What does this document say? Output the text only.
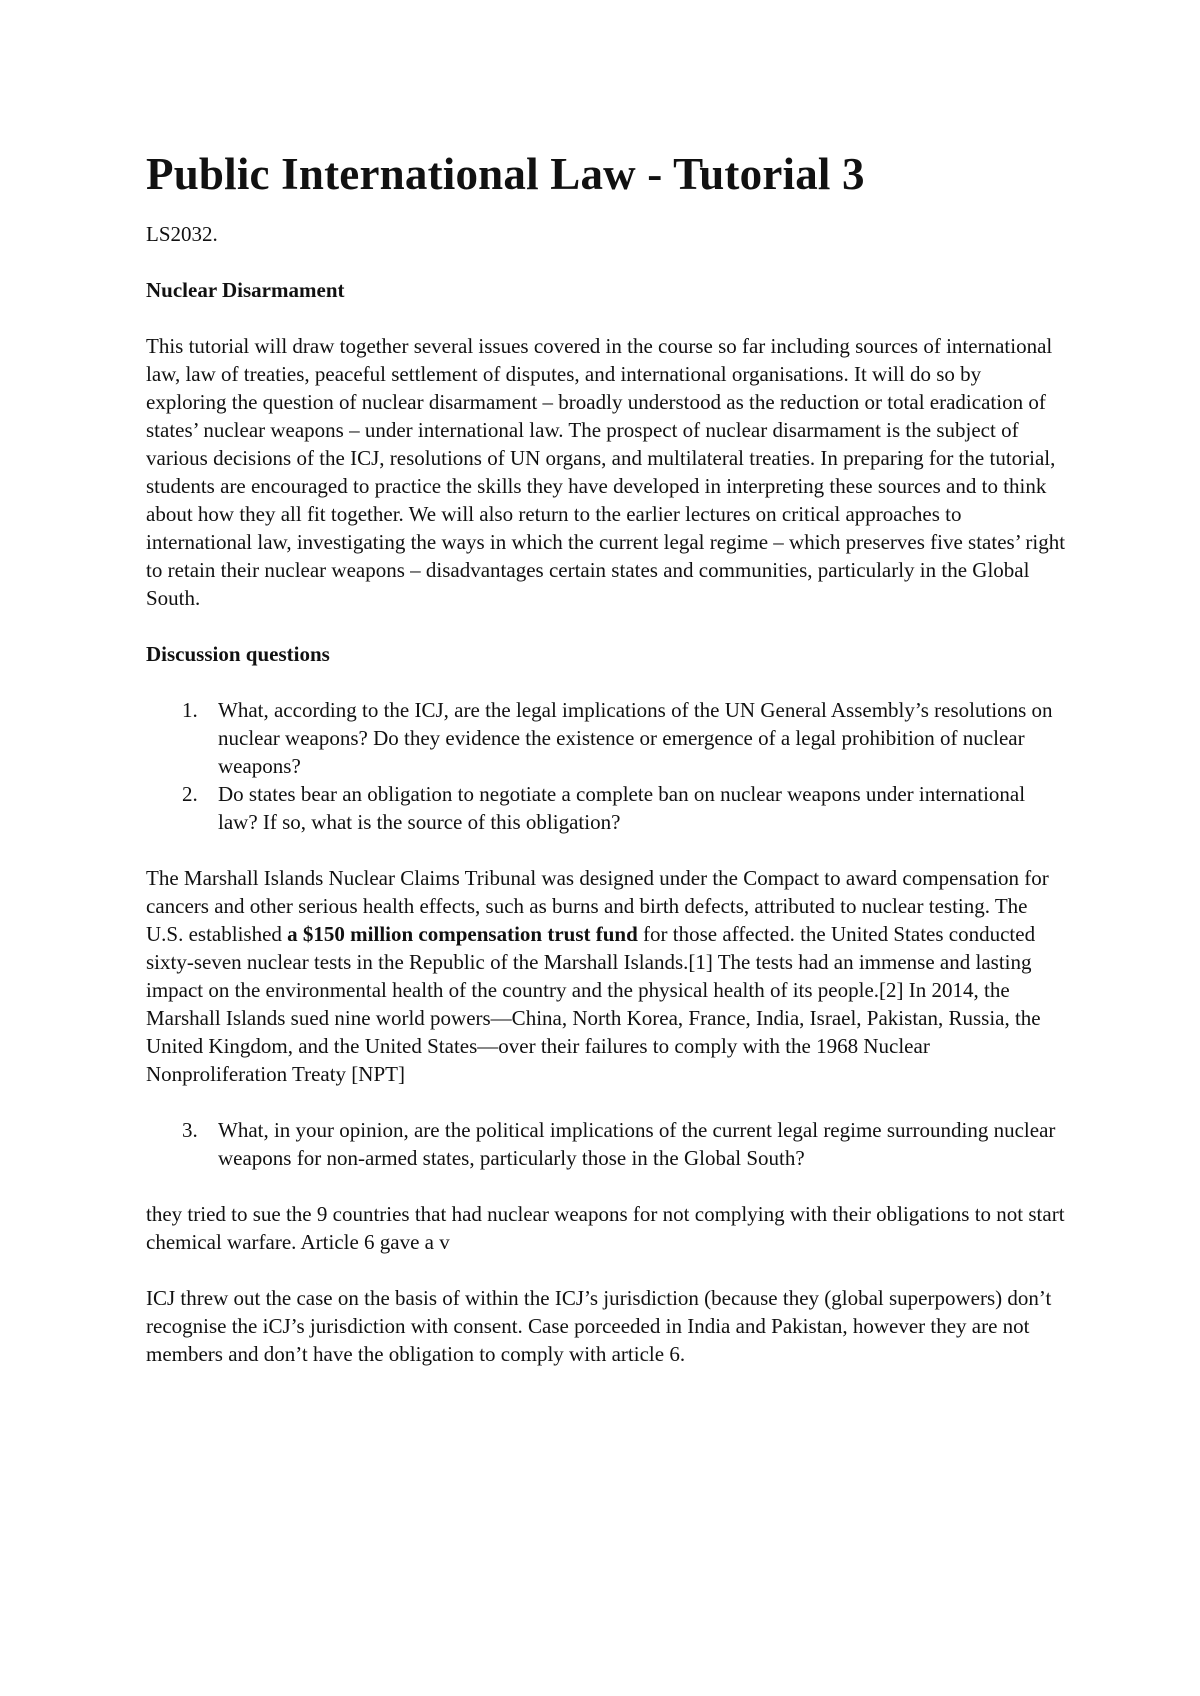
Public International Law - Tutorial 3

LS2032.

Nuclear Disarmament

This tutorial will draw together several issues covered in the course so far including sources of international law, law of treaties, peaceful settlement of disputes, and international organisations. It will do so by exploring the question of nuclear disarmament – broadly understood as the reduction or total eradication of states’ nuclear weapons – under international law. The prospect of nuclear disarmament is the subject of various decisions of the ICJ, resolutions of UN organs, and multilateral treaties. In preparing for the tutorial, students are encouraged to practice the skills they have developed in interpreting these sources and to think about how they all fit together. We will also return to the earlier lectures on critical approaches to international law, investigating the ways in which the current legal regime – which preserves five states’ right to retain their nuclear weapons – disadvantages certain states and communities, particularly in the Global South.

Discussion questions

1. What, according to the ICJ, are the legal implications of the UN General Assembly’s resolutions on nuclear weapons? Do they evidence the existence or emergence of a legal prohibition of nuclear weapons?
2. Do states bear an obligation to negotiate a complete ban on nuclear weapons under international law? If so, what is the source of this obligation?

The Marshall Islands Nuclear Claims Tribunal was designed under the Compact to award compensation for cancers and other serious health effects, such as burns and birth defects, attributed to nuclear testing. The U.S. established a $150 million compensation trust fund for those affected. the United States conducted sixty-seven nuclear tests in the Republic of the Marshall Islands.[1] The tests had an immense and lasting impact on the environmental health of the country and the physical health of its people.[2] In 2014, the Marshall Islands sued nine world powers—China, North Korea, France, India, Israel, Pakistan, Russia, the United Kingdom, and the United States—over their failures to comply with the 1968 Nuclear Nonproliferation Treaty [NPT]

3. What, in your opinion, are the political implications of the current legal regime surrounding nuclear weapons for non-armed states, particularly those in the Global South?

they tried to sue the 9 countries that had nuclear weapons for not complying with their obligations to not start chemical warfare. Article 6 gave a v

ICJ threw out the case on the basis of within the ICJ’s jurisdiction (because they (global superpowers) don’t recognise the iCJ’s jurisdiction with consent. Case porceeded in India and Pakistan, however they are not members and don’t have the obligation to comply with article 6.
